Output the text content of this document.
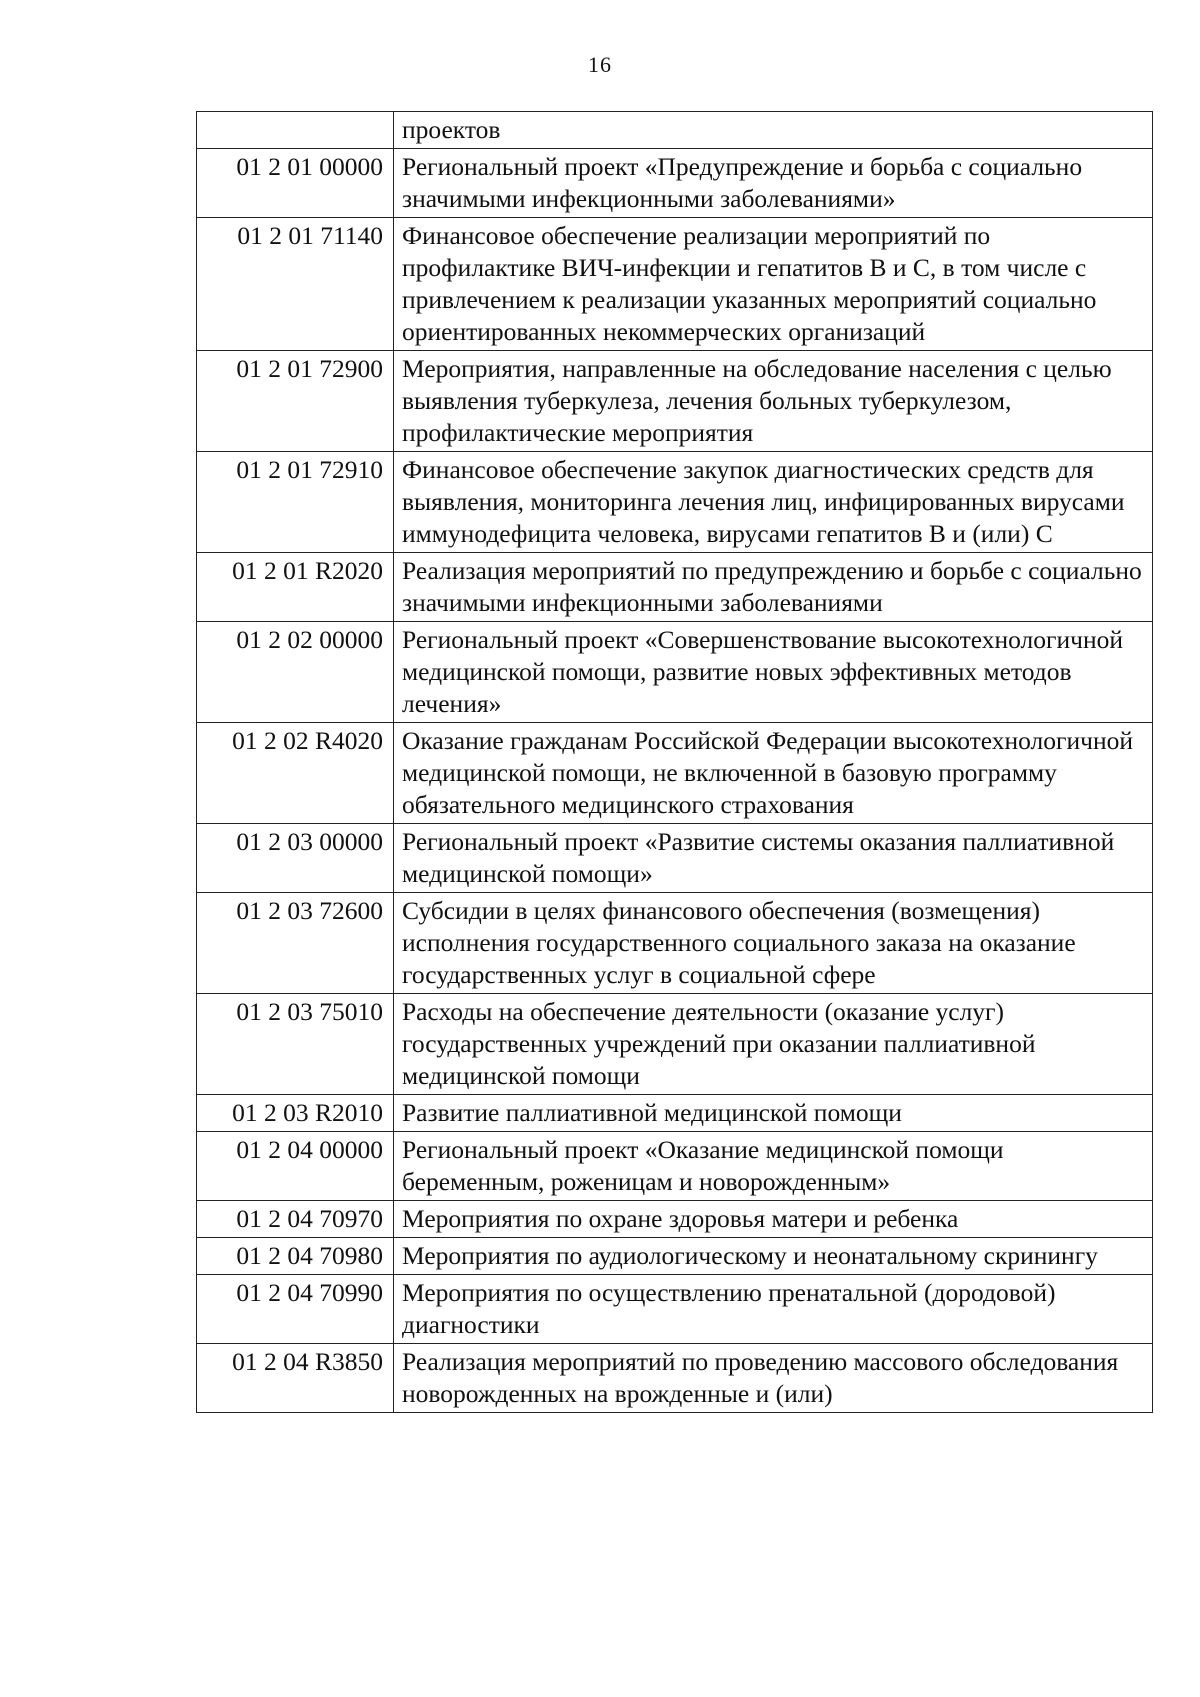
16
	проектов
01 2 01 00000	Региональный проект «Предупреждение и борьба с социально значимыми инфекционными заболеваниями»
01 2 01 71140	Финансовое обеспечение реализации мероприятий по профилактике ВИЧ-инфекции и гепатитов В и С, в том числе с привлечением к реализации указанных мероприятий социально ориентированных некоммерческих организаций
01 2 01 72900	Мероприятия, направленные на обследование населения с целью выявления туберкулеза, лечения больных туберкулезом, профилактические мероприятия
01 2 01 72910	Финансовое обеспечение закупок диагностических средств для выявления, мониторинга лечения лиц, инфицированных вирусами иммунодефицита человека, вирусами гепатитов В и (или) С
01 2 01 R2020	Реализация мероприятий по предупреждению и борьбе с социально значимыми инфекционными заболеваниями
01 2 02 00000	Региональный проект «Совершенствование высокотехнологичной медицинской помощи, развитие новых эффективных методов лечения»
01 2 02 R4020	Оказание гражданам Российской Федерации высокотехнологичной медицинской помощи, не включенной в базовую программу обязательного медицинского страхования
01 2 03 00000	Региональный проект «Развитие системы оказания паллиативной медицинской помощи»
01 2 03 72600	Субсидии в целях финансового обеспечения (возмещения) исполнения государственного социального заказа на оказание государственных услуг в социальной сфере
01 2 03 75010	Расходы на обеспечение деятельности (оказание услуг) государственных учреждений при оказании паллиативной медицинской помощи
01 2 03 R2010	Развитие паллиативной медицинской помощи
01 2 04 00000	Региональный проект «Оказание медицинской помощи беременным, роженицам и новорожденным»
01 2 04 70970	Мероприятия по охране здоровья матери и ребенка
01 2 04 70980	Мероприятия по аудиологическому и неонатальному скринингу
01 2 04 70990	Мероприятия по осуществлению пренатальной (дородовой) диагностики
01 2 04 R3850	Реализация мероприятий по проведению массового обследования новорожденных на врожденные и (или)
